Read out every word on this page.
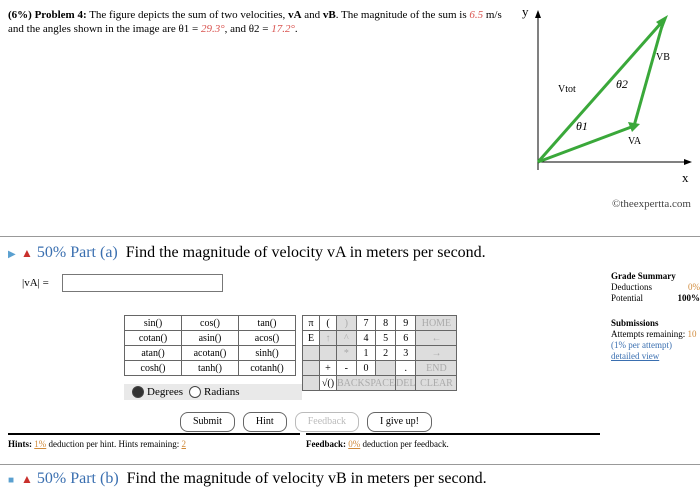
(6%) Problem 4: The figure depicts the sum of two velocities, vA and vB. The magnitude of the sum is 6.5 m/s and the angles shown in the image are θ1 = 29.3°, and θ2 = 17.2°.
y
x
Vtot
VA
VB
θ1
θ2
©theexpertta.com
▶ ▲ 50% Part (a) Find the magnitude of velocity vA in meters per second.
|vA| =
sin()	cos()	tan()
cotan()	asin()	acos()
atan()	acotan()	sinh()
cosh()	tanh()	cotanh()
π	(	)	7	8	9	HOME
E	↑	^	4	5	6	←
		*	1	2	3	→
	+	-	0		.	END
	√()	BACKSPACE			DEL	CLEAR
Degrees	Radians
Submit	Hint	Feedback	I give up!
Hints: 1% deduction per hint. Hints remaining: 2	Feedback: 0% deduction per feedback.
Grade Summary
Deductions	0%
Potential	100%
Submissions
Attempts remaining: 10
(1% per attempt)
detailed view
■ ▲ 50% Part (b) Find the magnitude of velocity vB in meters per second.
